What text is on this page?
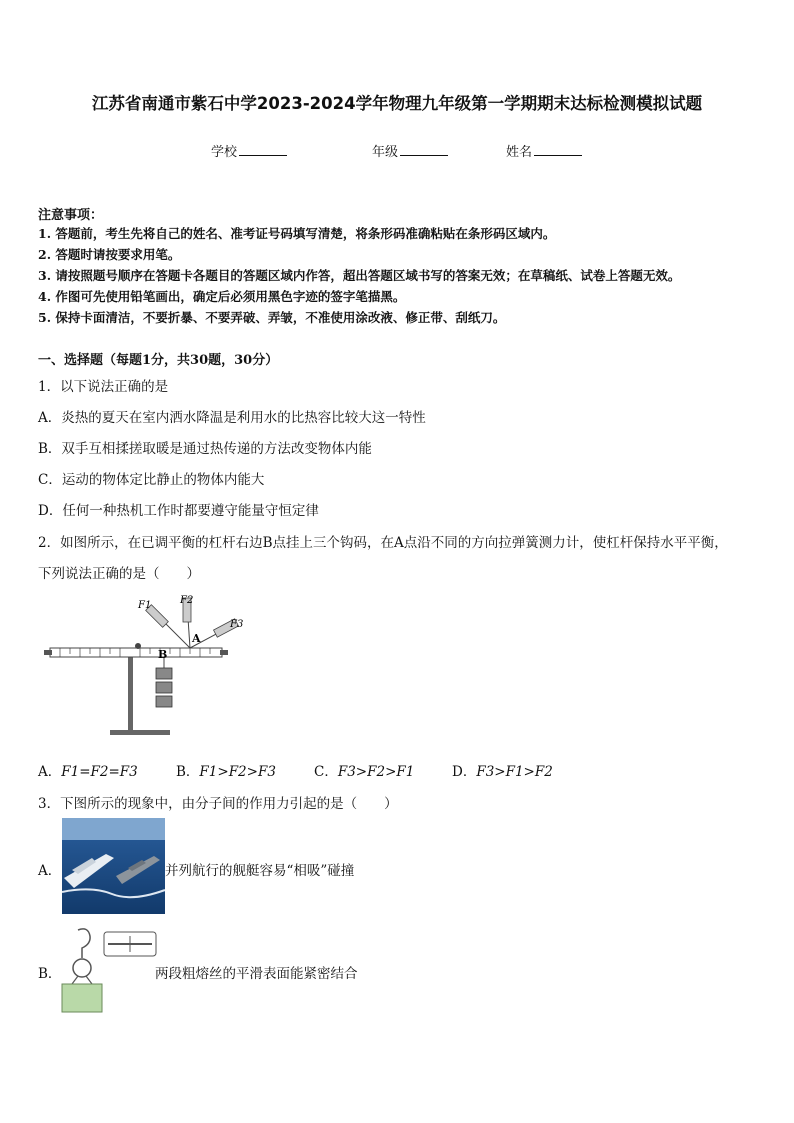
江苏省南通市紫石中学2023-2024学年物理九年级第一学期期末达标检测模拟试题
学校	年级	姓名
注意事项：
1. 答题前，考生先将自己的姓名、准考证号码填写清楚，将条形码准确粘贴在条形码区域内。
2. 答题时请按要求用笔。
3. 请按照题号顺序在答题卡各题目的答题区域内作答，超出答题区域书写的答案无效；在草稿纸、试卷上答题无效。
4. 作图可先使用铅笔画出，确定后必须用黑色字迹的签字笔描黑。
5. 保持卡面清洁，不要折暴、不要弄破、弄皱，不准使用涂改液、修正带、刮纸刀。
一、选择题（每题1分，共30题，30分）
1．以下说法正确的是
A．炎热的夏天在室内洒水降温是利用水的比热容比较大这一特性
B．双手互相揉搓取暖是通过热传递的方法改变物体内能
C．运动的物体定比静止的物体内能大
D．任何一种热机工作时都要遵守能量守恒定律
2．如图所示，在已调平衡的杠杆右边B点挂上三个钩码，在A点沿不同的方向拉弹簧测力计，使杠杆保持水平平衡，
下列说法正确的是（　　）
B
A
F1	F2
F3
A．F1=F2=F3	B．F1>F2>F3	C．F3>F2>F1	D．F3>F1>F2
3．下图所示的现象中，由分子间的作用力引起的是（　　）
A．	并列航行的舰艇容易“相吸”碰撞
B．	两段粗熔丝的平滑表面能紧密结合
